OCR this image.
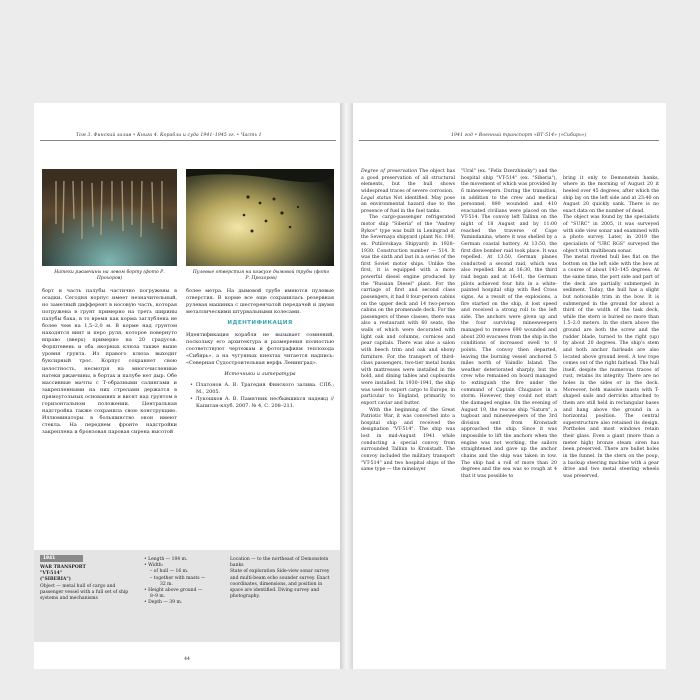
Том 3. Финский залив • Книга 4. Корабли и суда 1941–1945 гг. • Часть 1
Натеки ржавчины на левом борту (фото Р. Прохоров)
Пулевые отверстия на кожухе дымовой трубы (фото Р. Прохоров)

борт и часть палубы частично погружены в осадки. Сегодня корпус имеет незначительный, но заметный дифферент в носовую часть, которая погружена в грунт примерно на треть ширины палубы бака, в то время как корма заглублена не более чем на 1,5–2,0 м. В корме над грунтом находятся винт и перо руля, которое повернуто вправо (вверх) примерно на 20 градусов. Форштевень и оба якорных клюза также выше уровня грунта. Из правого клюза выходит буксирный трос. Корпус сохраняет свою целостность, несмотря на многочисленные натеки ржавчины, в бортах и палубе нет дыр. Обе массивные мачты с Т-образными салингами и закрепленными на них стрелами держатся в прямоугольных основаниях и висят над грунтом в горизонтальном положении. Центральная надстройка также сохранила свою конструкцию. Иллюминаторы в большинство окон имеют стекла. На переднем фронте надстройки закреплена и бронзовая паровая сирена высотой

более метра. На дымовой трубе имеются пулевые отверстия. В корме все еще сохранилась резервная рулевая машинка с шестеренчатой передачей и двумя металлическими штурвальными колесами.

ИДЕНТИФИКАЦИЯ

Идентификация корабля не вызывает сомнений, поскольку его архитектура и размерения полностью соответствуют чертежам и фотографиям теплохода «Сибирь», а на чугунных кнехтах читается надпись: «Северная Судостроительная верфь Ленинград».

Источники и литература

• Платонов А. В. Трагедия Финского залива. СПб.; М., 2005.

• Лукошков А. В. Памятник несбывшихся надежд // Капитан-клуб. 2007. № 4, С. 208–211.

1941

WAR TRANSPORT

"VT-514"

("SIBERIA")

Object — metal hull of cargo and passenger vessel with a full set of ship systems and mechanisms

• Length — 104 m.

• Width:

– of hull — 16 m.

– together with masts —

32 m.

• Height above ground —

8–9 m.

• Depth — 39 m.

Location — to the northeast of Demonstein banks

State of exploration Side-view sonar survey and multi-beam echo sounder survey. Exact coordinates, dimensions, and position in space are identified. Diving survey and photography.

44
1941 год • Военный транспорт «ВТ-514» («Сибирь»)

Degree of preservation The object has a good preservation of all structural elements, but the hull shows widespread traces of severe corrosion.

Legal status Not identified. May pose an environmental hazard due to the presence of fuel in the fuel tanks.

The cargo-passenger refrigerated motor ship "Siberia" of the "Andrey Rykov" type was built in Leningrad at the Severnaya shipyard (plant No. 190, ex. Putilovskaya Shipyard) in 1928–1930. Construction number — 514. It was the sixth and last in a series of the first Soviet motor ships. Unlike the first, it is equipped with a more powerful diesel engine produced by the "Russian Diesel" plant. For the carriage of first and second class passengers, it had 8 four-person cabins on the upper deck and 14 two-person cabins on the promenade deck. For the passengers of these classes, there was also a restaurant with 60 seats, the walls of which were decorated with light oak and columns, cornices and pear capitals. There was also a salon with beech trim and oak and ebony furniture. For the transport of third-class passengers, two-tier metal bunks with mattresses were installed in the hold, and dining tables and cupboards were installed. In 1930–1941, the ship was used to export cargo to Europe, in particular to England, primarily to export caviar and butter.

With the beginning of the Great Patriotic War, it was converted into a hospital ship and received the designation "VT-514". The ship was lost in mid-August 1941 while conducting a special convoy from surrounded Tallinn to Kronstadt. The convoy included the military transport "VT-514" and two hospital ships of the same type — the minelayer

"Ural" (ex. "Felix Dzerzhinsky") and the hospital ship "VT-514" (ex. "Siberia"), the movement of which was provided by 6 minesweepers. During the transition, in addition to the crew and medical personnel, 890 wounded and 410 evacuated civilians were placed on the VT-514. The convoy left Tallinn on the night of 18 August and by 11:00 reached the traverse of Cape Yumindanina, where it was shelled by a German coastal battery. At 13:50, the first dive bomber raid took place. It was repelled. At 13:50, German planes conducted a second raid, which was also repelled. But at 16:30, the third raid began and at 16:41, the German pilots achieved four hits in a white-painted hospital ship with Red Cross signs. As a result of the explosions, a fire started on the ship, it lost speed and received a strong roll to the left side. The anchors were given up and the four surviving minesweepers managed to remove 690 wounded and about 200 evacuees from the ship in the conditions of increased swell to 8 points. The convoy then departed, leaving the burning vessel anchored 5 miles north of Vaindlo Island. The weather deteriorated sharply, but the crew who remained on board managed to extinguish the fire under the command of Captain Chuganov in a storm. However, they could not start the damaged engine. On the evening of August 19, the rescue ship "Saturn", a tugboat and minesweepers of the 3rd division sent from Kronstadt approached the ship. Since it was impossible to lift the anchors when the engine was not working, the sailors straightened and gave up the anchor chains and the ship was taken in tow. The ship had a roll of more than 20 degrees and the sea was so rough at 4 that it was possible to

bring it only to Demonstein banks, where in the morning of August 20 it heeled over 45 degrees, after which the ship lay on the left side and at 23:40 on August 20 quickly sank. There is no exact data on the number of dead.
The object was found by the specialists of "SURC" in 2005, it was surveyed with side view sonar and examined with a photo survey. Later, in 2019 the specialists of "URC RGS" surveyed the object with multibeam sonar.
The metal riveted hull lies flat on the bottom on the left side with the bow at a course of about 143–145 degrees. At the same time, the port side and part of the deck are partially submerged in sediment. Today, the hull has a slight but noticeable trim in the bow. It is submerged in the ground for about a third of the width of the task deck, while the stern is buried no more than 1.5–2.0 meters. In the stern above the ground are both the screw and the rudder blade, turned to the right (up) by about 20 degrees. The ship's stem and both anchor fairleads are also located above ground level. A tow rope comes out of the right fairlead. The hull itself, despite the numerous traces of rust, retains its integrity. There are no holes in the sides or in the deck. Moreover, both massive masts with T-shaped sails and derricks attached to them are still held in rectangular bases and hang above the ground in a horizontal position. The central superstructure also retained its design. Portholes and most windows retain their glass. Even a giant (more than a meter high) bronze steam siren has been preserved. There are bullet holes in the funnel. In the stern on the poop, a backup steering machine with a gear drive and two metal steering wheels was preserved.
